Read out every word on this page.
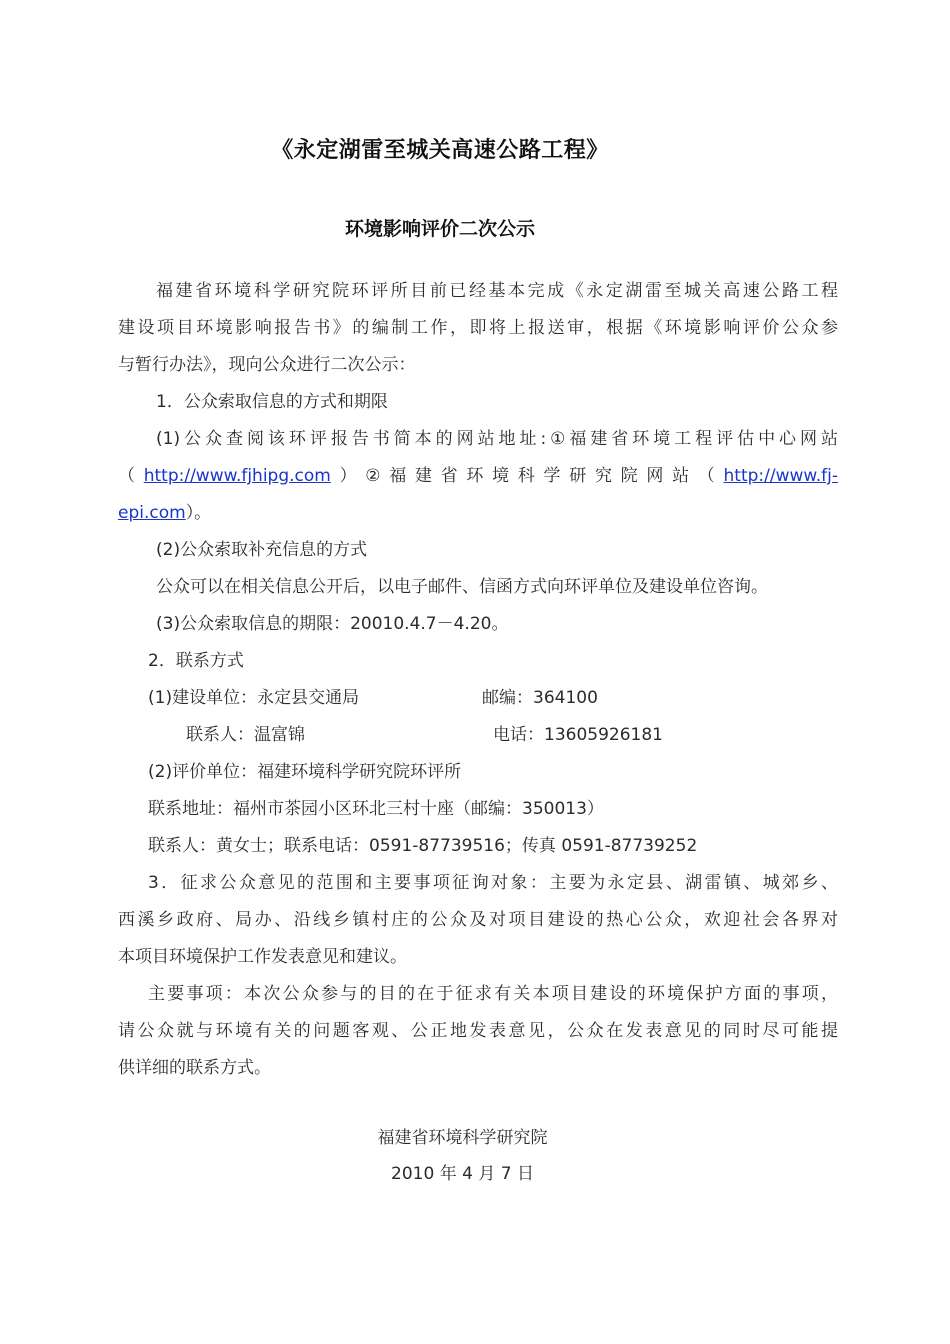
《永定湖雷至城关高速公路工程》
环境影响评价二次公示
福建省环境科学研究院环评所目前已经基本完成《永定湖雷至城关高速公路工程
建设项目环境影响报告书》的编制工作，即将上报送审，根据《环境影响评价公众参
与暂行办法》，现向公众进行二次公示：
1．公众索取信息的方式和期限
(1)公众查阅该环评报告书简本的网站地址:①福建省环境工程评估中心网站
（http://www.fjhipg.com）②福建省环境科学研究院网站（http://www.fj-
epi.com）。
(2)公众索取补充信息的方式
公众可以在相关信息公开后，以电子邮件、信函方式向环评单位及建设单位咨询。
(3)公众索取信息的期限：20010.4.7－4.20。
2．联系方式
(1)建设单位：永定县交通局	邮编：364100
联系人：温富锦	电话：13605926181
(2)评价单位：福建环境科学研究院环评所
联系地址：福州市茶园小区环北三村十座（邮编：350013）
联系人：黄女士；联系电话：0591-87739516；传真 0591-87739252
3．征求公众意见的范围和主要事项征询对象：主要为永定县、湖雷镇、城郊乡、
西溪乡政府、局办、沿线乡镇村庄的公众及对项目建设的热心公众，欢迎社会各界对
本项目环境保护工作发表意见和建议。
主要事项：本次公众参与的目的在于征求有关本项目建设的环境保护方面的事项，
请公众就与环境有关的问题客观、公正地发表意见，公众在发表意见的同时尽可能提
供详细的联系方式。
福建省环境科学研究院
2010 年 4 月 7 日
